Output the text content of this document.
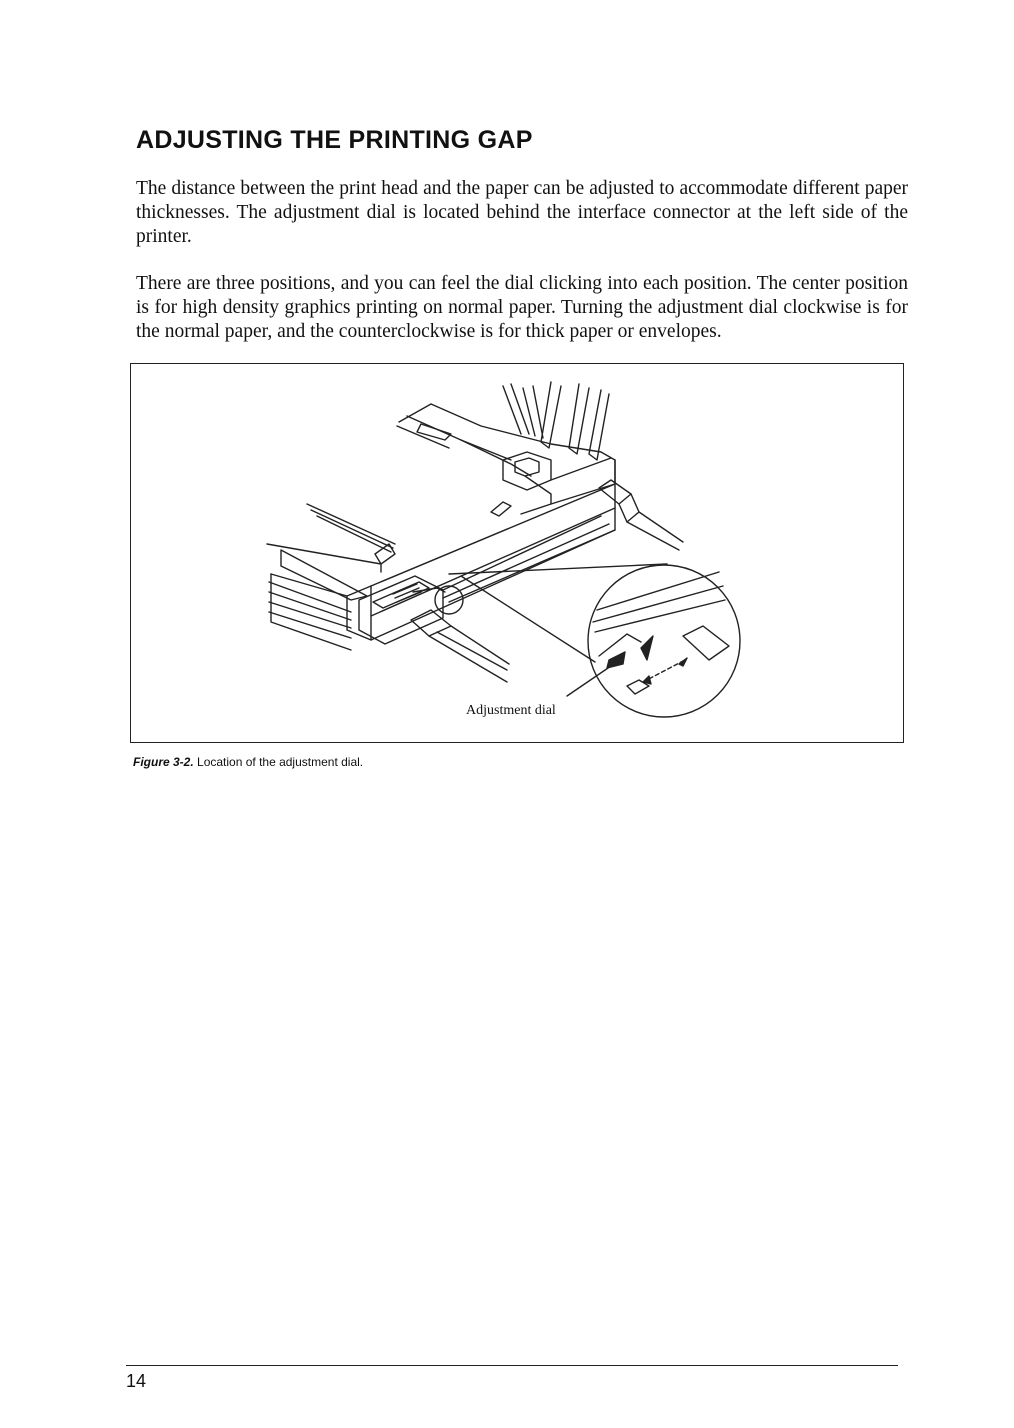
ADJUSTING THE PRINTING GAP

The distance between the print head and the paper can be adjusted to accommodate different paper thicknesses. The adjustment dial is located behind the interface connector at the left side of the printer.

There are three positions, and you can feel the dial clicking into each position. The center position is for high density graphics printing on normal paper. Turning the adjustment dial clockwise is for the normal paper, and the counterclockwise is for thick paper or envelopes.

Adjustment dial
Figure 3-2. Location of the adjustment dial.
14
